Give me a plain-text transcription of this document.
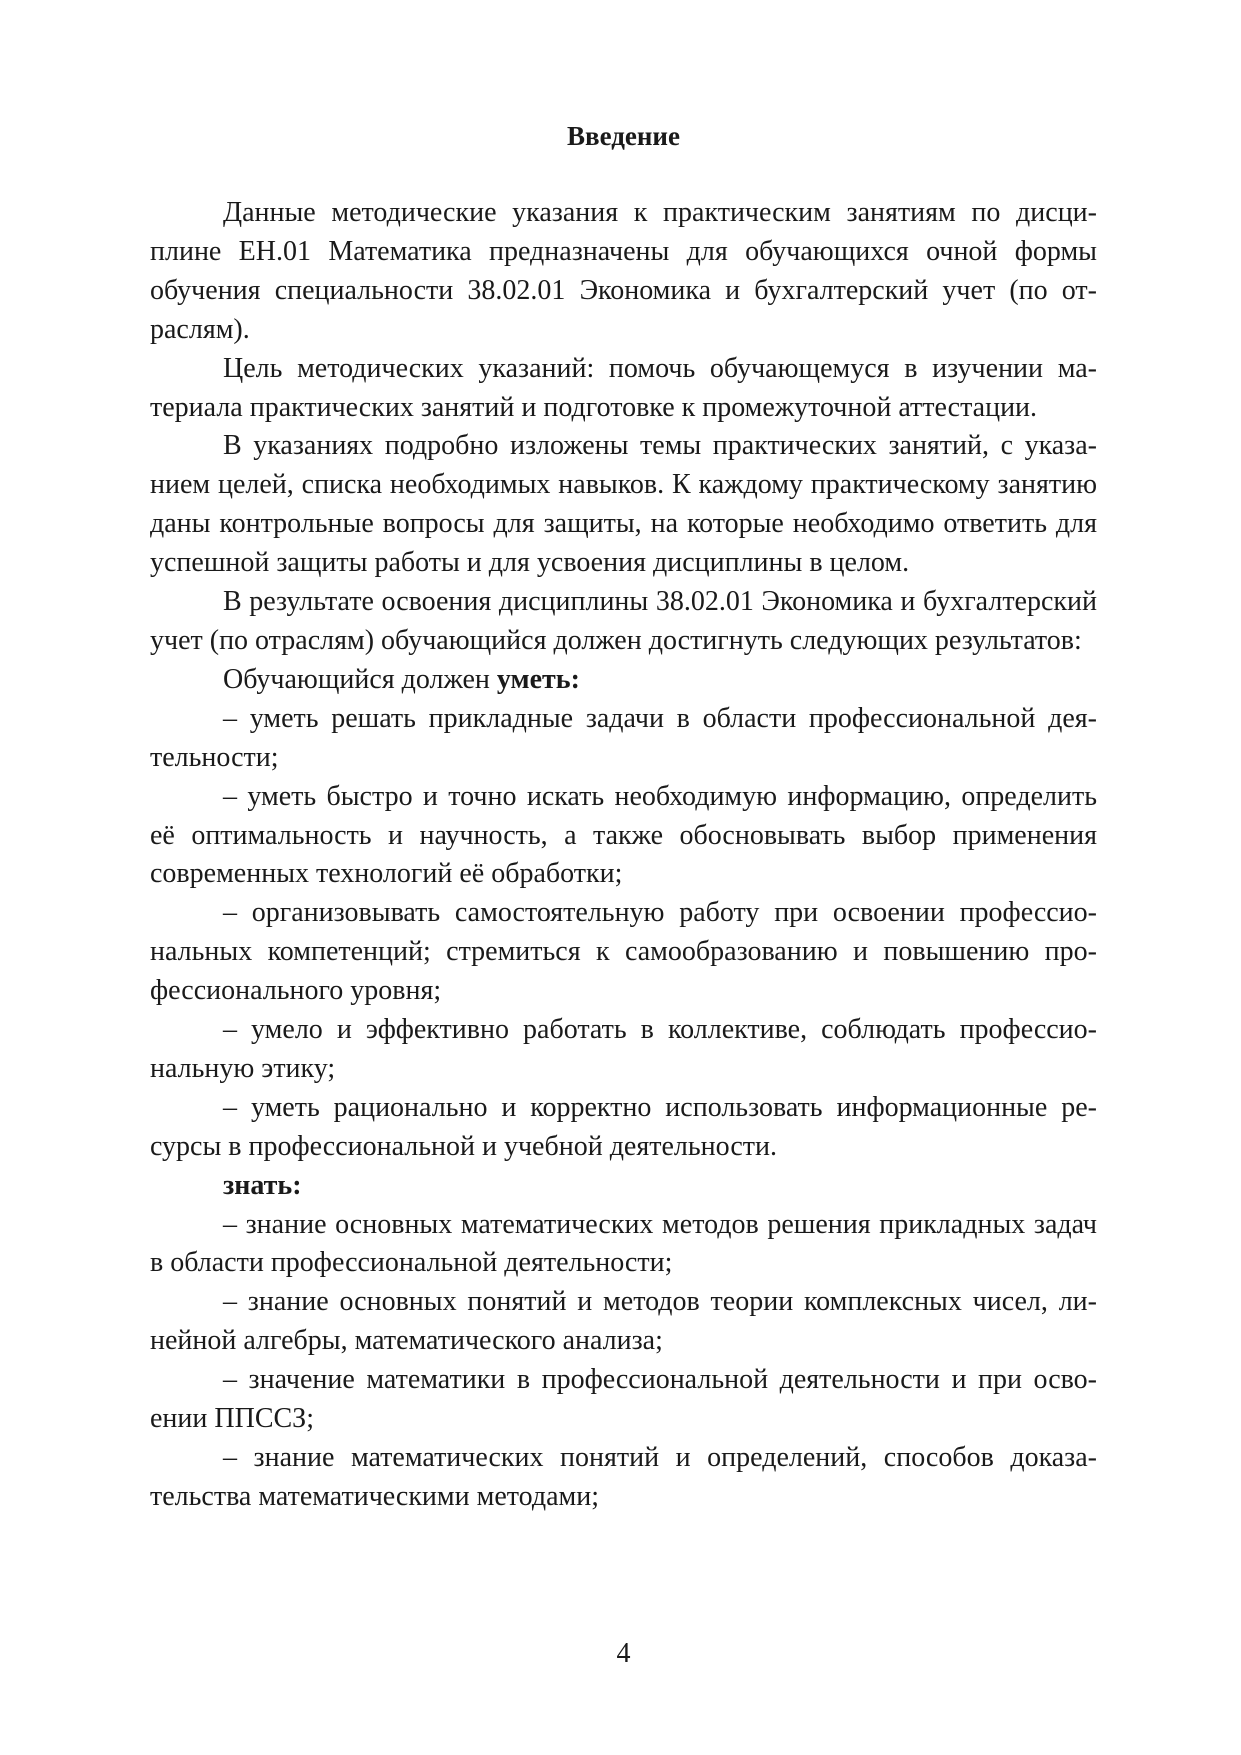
Введение

Данные методические указания к практическим занятиям по дисциплине ЕН.01 Математика предназначены для обучающихся очной формы обучения специальности 38.02.01 Экономика и бухгалтерский учет (по отраслям).

Цель методических указаний: помочь обучающемуся в изучении материала практических занятий и подготовке к промежуточной аттестации.

В указаниях подробно изложены темы практических занятий, с указанием целей, списка необходимых навыков. К каждому практическому занятию даны контрольные вопросы для защиты, на которые необходимо ответить для успешной защиты работы и для усвоения дисциплины в целом.

В результате освоения дисциплины 38.02.01 Экономика и бухгалтерский учет (по отраслям) обучающийся должен достигнуть следующих результатов:

Обучающийся должен уметь:

– уметь решать прикладные задачи в области профессиональной деятельности;

– уметь быстро и точно искать необходимую информацию, определить её оптимальность и научность, а также обосновывать выбор применения современных технологий её обработки;

– организовывать самостоятельную работу при освоении профессиональных компетенций; стремиться к самообразованию и повышению профессионального уровня;

– умело и эффективно работать в коллективе, соблюдать профессиональную этику;

– уметь рационально и корректно использовать информационные ресурсы в профессиональной и учебной деятельности.

знать:

– знание основных математических методов решения прикладных задач в области профессиональной деятельности;

– знание основных понятий и методов теории комплексных чисел, линейной алгебры, математического анализа;

– значение математики в профессиональной деятельности и при освоении ППССЗ;

– знание математических понятий и определений, способов доказательства математическими методами;

4
